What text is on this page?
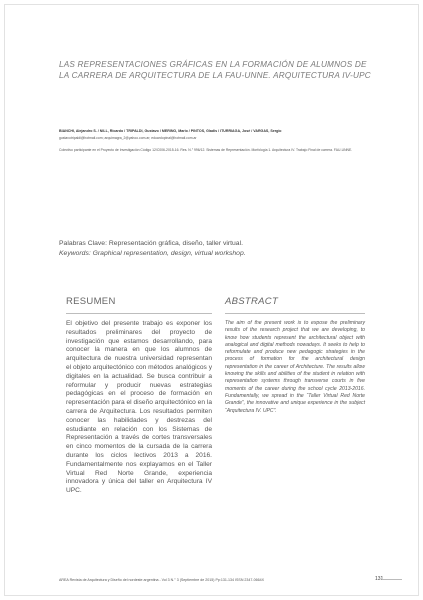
LAS REPRESENTACIONES GRÁFICAS EN LA FORMACIÓN DE ALUMNOS DE LA CARRERA DE ARQUITECTURA DE LA FAU-UNNE. ARQUITECTURA IV-UPC
BIANCHI, Alejandro S. / NILL, Ricardo / TRIPALDI, Gustavo / MERINO, Mario / PINTOS, Gladis / ITURRIAGA, José / VARGAS, Sergio
gustavotripaldi@hotmail.com; arquimagra_2@yahoo.com.ar; eduardopinal@hotmail.com.ar
Colectivo participante en el Proyecto de Investigación Código 12/C006-2015-16. Res. N.° 996/12. Sistemas de Representación. Morfología 1. Arquitectura IV. Trabajo Final de carrera. FAU-UNNE.
Palabras Clave: Representación gráfica, diseño, taller virtual.
Keywords: Graphical representation, design, virtual workshop.
RESUMEN
El objetivo del presente trabajo es exponer los resultados preliminares del proyecto de investigación que estamos desarrollando, para conocer la manera en que los alumnos de arquitectura de nuestra universidad representan el objeto arquitectónico con métodos analógicos y digitales en la actualidad. Se busca contribuir a reformular y producir nuevas estrategias pedagógicas en el proceso de formación en representación para el diseño arquitectónico en la carrera de Arquitectura. Los resultados permiten conocer las habilidades y destrezas del estudiante en relación con los Sistemas de Representación a través de cortes transversales en cinco momentos de la cursada de la carrera durante los ciclos lectivos 2013 a 2016. Fundamentalmente nos explayamos en el Taller Virtual Red Norte Grande, experiencia innovadora y única del taller en Arquitectura IV UPC.
ABSTRACT
The aim of the present work is to expose the preliminary results of the research project that we are developing, to know how students represent the architectural object with analogical and digital methods nowadays. It seeks to help to reformulate and produce new pedagogic strategies in the process of formation for the architectural design representation in the career of Architecture. The results allow knowing the skills and abilities of the student in relation with representation systems through transverse courts in five moments of the career during the school cycle 2013-2016. Fundamentally, we spread in the “Taller Virtual Red Norte Grande”, the innovative and unique experience in the subject “Arquitectura IV. UPC”.
AREA Revista de Arquitectura y Diseño del nordeste argentina - Vol 3 N.° 3 (Septiembre de 2015) Pp:131-134 ISSN 2347-0664X	131
